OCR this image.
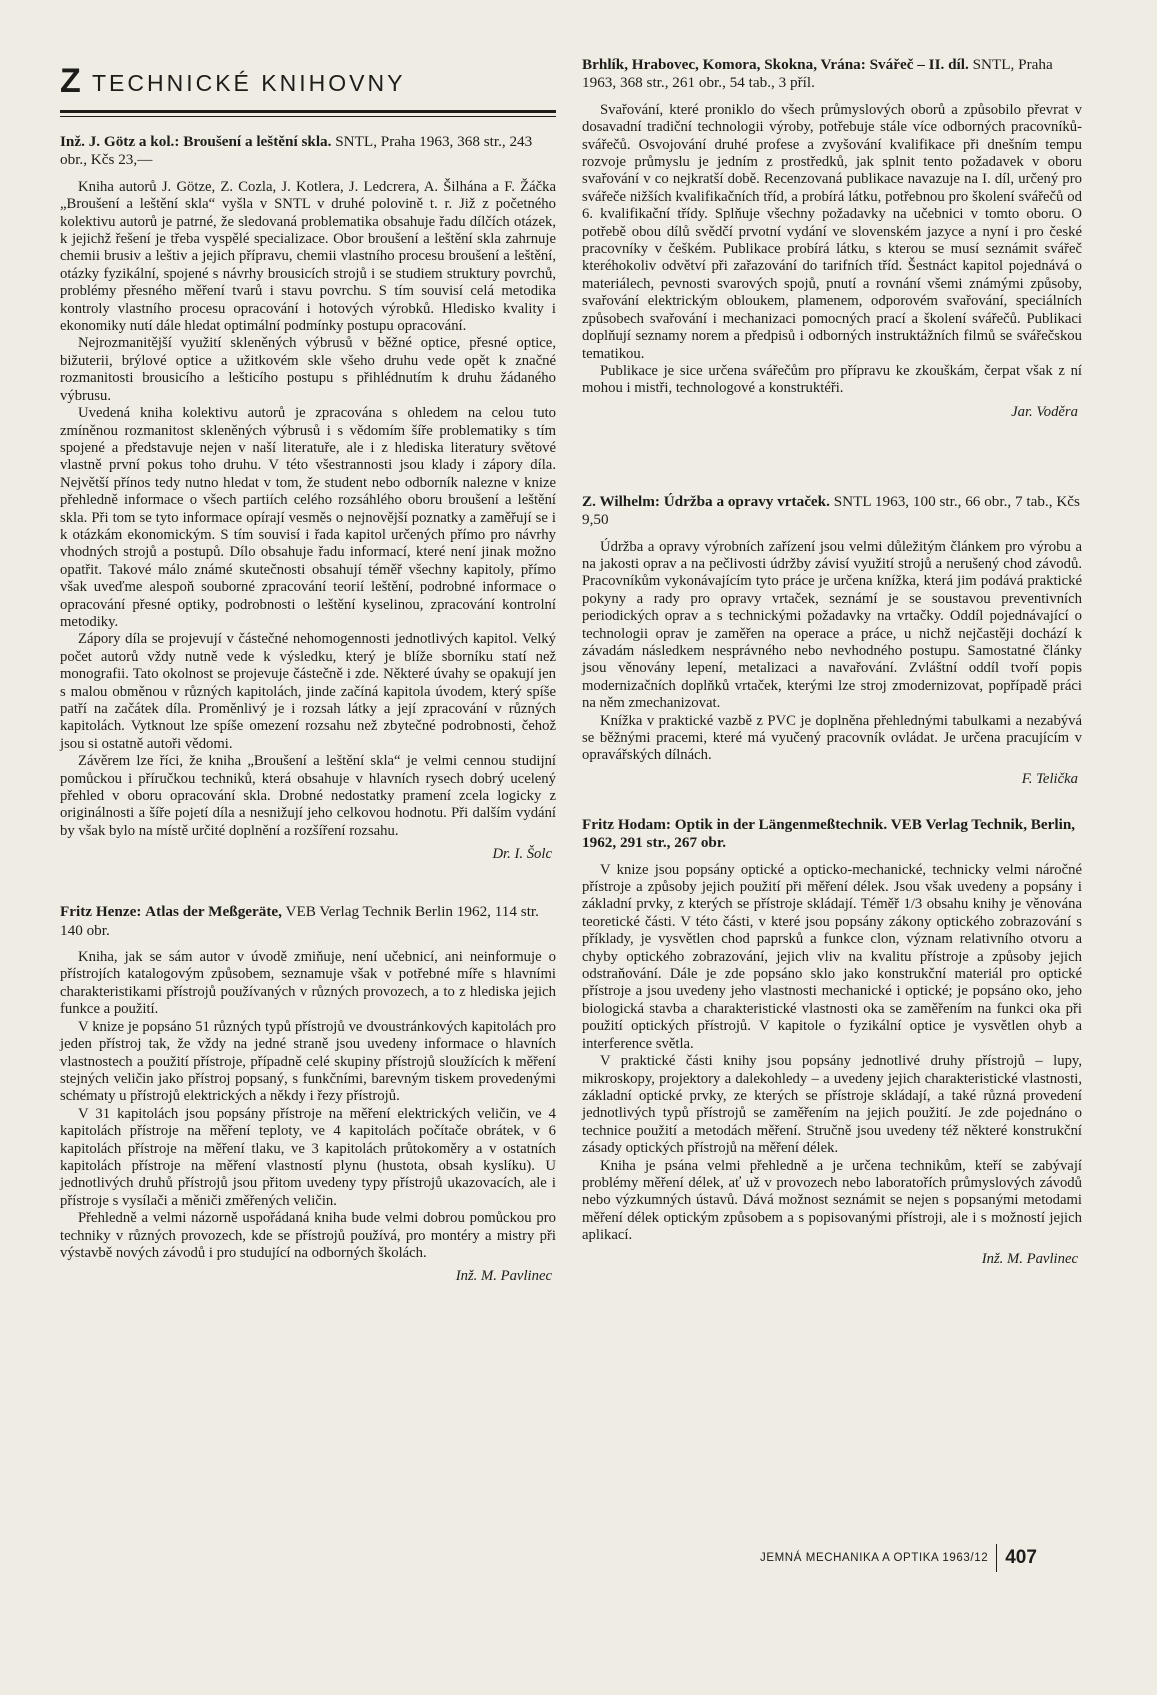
Z TECHNICKÉ KNIHOVNY
Inž. J. Götz a kol.: Broušení a leštění skla. SNTL, Praha 1963, 368 str., 243 obr., Kčs 23,—

Kniha autorů J. Götze, Z. Cozla, J. Kotlera, J. Ledcrera, A. Šilhána a F. Žáčka „Broušení a leštění skla“ vyšla v SNTL v druhé polovině t. r. Již z početného kolektivu autorů je patrné, že sledovaná problematika obsahuje řadu dílčích otázek, k jejichž řešení je třeba vyspělé specializace. Obor broušení a leštění skla zahrnuje chemii brusiv a leštiv a jejich přípravu, chemii vlastního procesu broušení a leštění, otázky fyzikální, spojené s návrhy brousicích strojů i se studiem struktury povrchů, problémy přesného měření tvarů i stavu povrchu. S tím souvisí celá metodika kontroly vlastního procesu opracování i hotových výrobků. Hledisko kvality i ekonomiky nutí dále hledat optimální podmínky postupu opracování.

Nejrozmanitější využití skleněných výbrusů v běžné optice, přesné optice, bižuterii, brýlové optice a užitkovém skle všeho druhu vede opět k značné rozmanitosti brousicího a lešticího postupu s přihlédnutím k druhu žádaného výbrusu.

Uvedená kniha kolektivu autorů je zpracována s ohledem na celou tuto zmíněnou rozmanitost skleněných výbrusů i s vědomím šíře problematiky s tím spojené a představuje nejen v naší literatuře, ale i z hlediska literatury světové vlastně první pokus toho druhu. V této všestrannosti jsou klady i zápory díla. Největší přínos tedy nutno hledat v tom, že student nebo odborník nalezne v knize přehledně informace o všech partiích celého rozsáhlého oboru broušení a leštění skla. Při tom se tyto informace opírají vesměs o nejnovější poznatky a zaměřují se i k otázkám ekonomickým. S tím souvisí i řada kapitol určených přímo pro návrhy vhodných strojů a postupů. Dílo obsahuje řadu informací, které není jinak možno opatřit. Takové málo známé skutečnosti obsahují téměř všechny kapitoly, přímo však uveďme alespoň souborné zpracování teorií leštění, podrobné informace o opracování přesné optiky, podrobnosti o leštění kyselinou, zpracování kontrolní metodiky.

Zápory díla se projevují v částečné nehomogennosti jednotlivých kapitol. Velký počet autorů vždy nutně vede k výsledku, který je blíže sborníku statí než monografii. Tato okolnost se projevuje částečně i zde. Některé úvahy se opakují jen s malou obměnou v různých kapitolách, jinde začíná kapitola úvodem, který spíše patří na začátek díla. Proměnlivý je i rozsah látky a její zpracování v různých kapitolách. Vytknout lze spíše omezení rozsahu než zbytečné podrobnosti, čehož jsou si ostatně autoři vědomi.

Závěrem lze říci, že kniha „Broušení a leštění skla“ je velmi cennou studijní pomůckou i příručkou techniků, která obsahuje v hlavních rysech dobrý ucelený přehled v oboru opracování skla. Drobné nedostatky pramení zcela logicky z originálnosti a šíře pojetí díla a nesnižují jeho celkovou hodnotu. Při dalším vydání by však bylo na místě určité doplnění a rozšíření rozsahu.

Dr. I. Šolc
Fritz Henze: Atlas der Meßgeräte, VEB Verlag Technik Berlin 1962, 114 str. 140 obr.

Kniha, jak se sám autor v úvodě zmiňuje, není učebnicí, ani neinformuje o přístrojích katalogovým způsobem, seznamuje však v potřebné míře s hlavními charakteristikami přístrojů používaných v různých provozech, a to z hlediska jejich funkce a použití.

V knize je popsáno 51 různých typů přístrojů ve dvoustránkových kapitolách pro jeden přístroj tak, že vždy na jedné straně jsou uvedeny informace o hlavních vlastnostech a použití přístroje, případně celé skupiny přístrojů sloužících k měření stejných veličin jako přístroj popsaný, s funkčními, barevným tiskem provedenými schématy u přístrojů elektrických a někdy i řezy přístrojů.

V 31 kapitolách jsou popsány přístroje na měření elektrických veličin, ve 4 kapitolách přístroje na měření teploty, ve 4 kapitolách počítače obrátek, v 6 kapitolách přístroje na měření tlaku, ve 3 kapitolách průtokoměry a v ostatních kapitolách přístroje na měření vlastností plynu (hustota, obsah kyslíku). U jednotlivých druhů přístrojů jsou přitom uvedeny typy přístrojů ukazovacích, ale i přístroje s vysílači a měniči změřených veličin.

Přehledně a velmi názorně uspořádaná kniha bude velmi dobrou pomůckou pro techniky v různých provozech, kde se přístrojů používá, pro montéry a mistry při výstavbě nových závodů i pro studující na odborných školách.

Inž. M. Pavlinec
Brhlík, Hrabovec, Komora, Skokna, Vrána: Svářeč – II. díl. SNTL, Praha 1963, 368 str., 261 obr., 54 tab., 3 příl.

Svařování, které proniklo do všech průmyslových oborů a způsobilo převrat v dosavadní tradiční technologii výroby, potřebuje stále více odborných pracovníků-svářečů. Osvojování druhé profese a zvyšování kvalifikace při dnešním tempu rozvoje průmyslu je jedním z prostředků, jak splnit tento požadavek v oboru svařování v co nejkratší době. Recenzovaná publikace navazuje na I. díl, určený pro svářeče nižších kvalifikačních tříd, a probírá látku, potřebnou pro školení svářečů od 6. kvalifikační třídy. Splňuje všechny požadavky na učebnici v tomto oboru. O potřebě obou dílů svědčí prvotní vydání ve slovenském jazyce a nyní i pro české pracovníky v češkém. Publikace probírá látku, s kterou se musí seznámit svářeč kteréhokoliv odvětví při zařazování do tarifních tříd. Šestnáct kapitol pojednává o materiálech, pevnosti svarových spojů, pnutí a rovnání všemi známými způsoby, svařování elektrickým obloukem, plamenem, odporovém svařování, speciálních způsobech svařování i mechanizaci pomocných prací a školení svářečů. Publikaci doplňují seznamy norem a předpisů i odborných instruktážních filmů se svářečskou tematikou.

Publikace je sice určena svářečům pro přípravu ke zkouškám, čerpat však z ní mohou i mistři, technologové a konstruktéři.

Jar. Voděra
Z. Wilhelm: Údržba a opravy vrtaček. SNTL 1963, 100 str., 66 obr., 7 tab., Kčs 9,50

Údržba a opravy výrobních zařízení jsou velmi důležitým článkem pro výrobu a na jakosti oprav a na pečlivosti údržby závisí využití strojů a nerušený chod závodů. Pracovníkům vykonávajícím tyto práce je určena knížka, která jim podává praktické pokyny a rady pro opravy vrtaček, seznámí je se soustavou preventivních periodických oprav a s technickými požadavky na vrtačky. Oddíl pojednávající o technologii oprav je zaměřen na operace a práce, u nichž nejčastěji dochází k závadám následkem nesprávného nebo nevhodného postupu. Samostatné články jsou věnovány lepení, metalizaci a navařování. Zvláštní oddíl tvoří popis modernizačních doplňků vrtaček, kterými lze stroj zmodernizovat, popřípadě práci na něm zmechanizovat.

Knížka v praktické vazbě z PVC je doplněna přehlednými tabulkami a nezabývá se běžnými pracemi, které má vyučený pracovník ovládat. Je určena pracujícím v opravářských dílnách.

F. Telička
Fritz Hodam: Optik in der Längenmeßtechnik. VEB Verlag Technik, Berlin, 1962, 291 str., 267 obr.

V knize jsou popsány optické a opticko-mechanické, technicky velmi náročné přístroje a způsoby jejich použití při měření délek. Jsou však uvedeny a popsány i základní prvky, z kterých se přístroje skládají. Téměř 1/3 obsahu knihy je věnována teoretické části. V této části, v které jsou popsány zákony optického zobrazování s příklady, je vysvětlen chod paprsků a funkce clon, význam relativního otvoru a chyby optického zobrazování, jejich vliv na kvalitu přístroje a způsoby jejich odstraňování. Dále je zde popsáno sklo jako konstrukční materiál pro optické přístroje a jsou uvedeny jeho vlastnosti mechanické i optické; je popsáno oko, jeho biologická stavba a charakteristické vlastnosti oka se zaměřením na funkci oka při použití optických přístrojů. V kapitole o fyzikální optice je vysvětlen ohyb a interference světla.

V praktické části knihy jsou popsány jednotlivé druhy přístrojů – lupy, mikroskopy, projektory a dalekohledy – a uvedeny jejich charakteristické vlastnosti, základní optické prvky, ze kterých se přístroje skládají, a také různá provedení jednotlivých typů přístrojů se zaměřením na jejich použití. Je zde pojednáno o technice použití a metodách měření. Stručně jsou uvedeny též některé konstrukční zásady optických přístrojů na měření délek.

Kniha je psána velmi přehledně a je určena technikům, kteří se zabývají problémy měření délek, ať už v provozech nebo laboratořích průmyslových závodů nebo výzkumných ústavů. Dává možnost seznámit se nejen s popsanými metodami měření délek optickým způsobem a s popisovanými přístroji, ale i s možností jejich aplikací.

Inž. M. Pavlinec
JEMNÁ MECHANIKA A OPTIKA 1963/12 407
